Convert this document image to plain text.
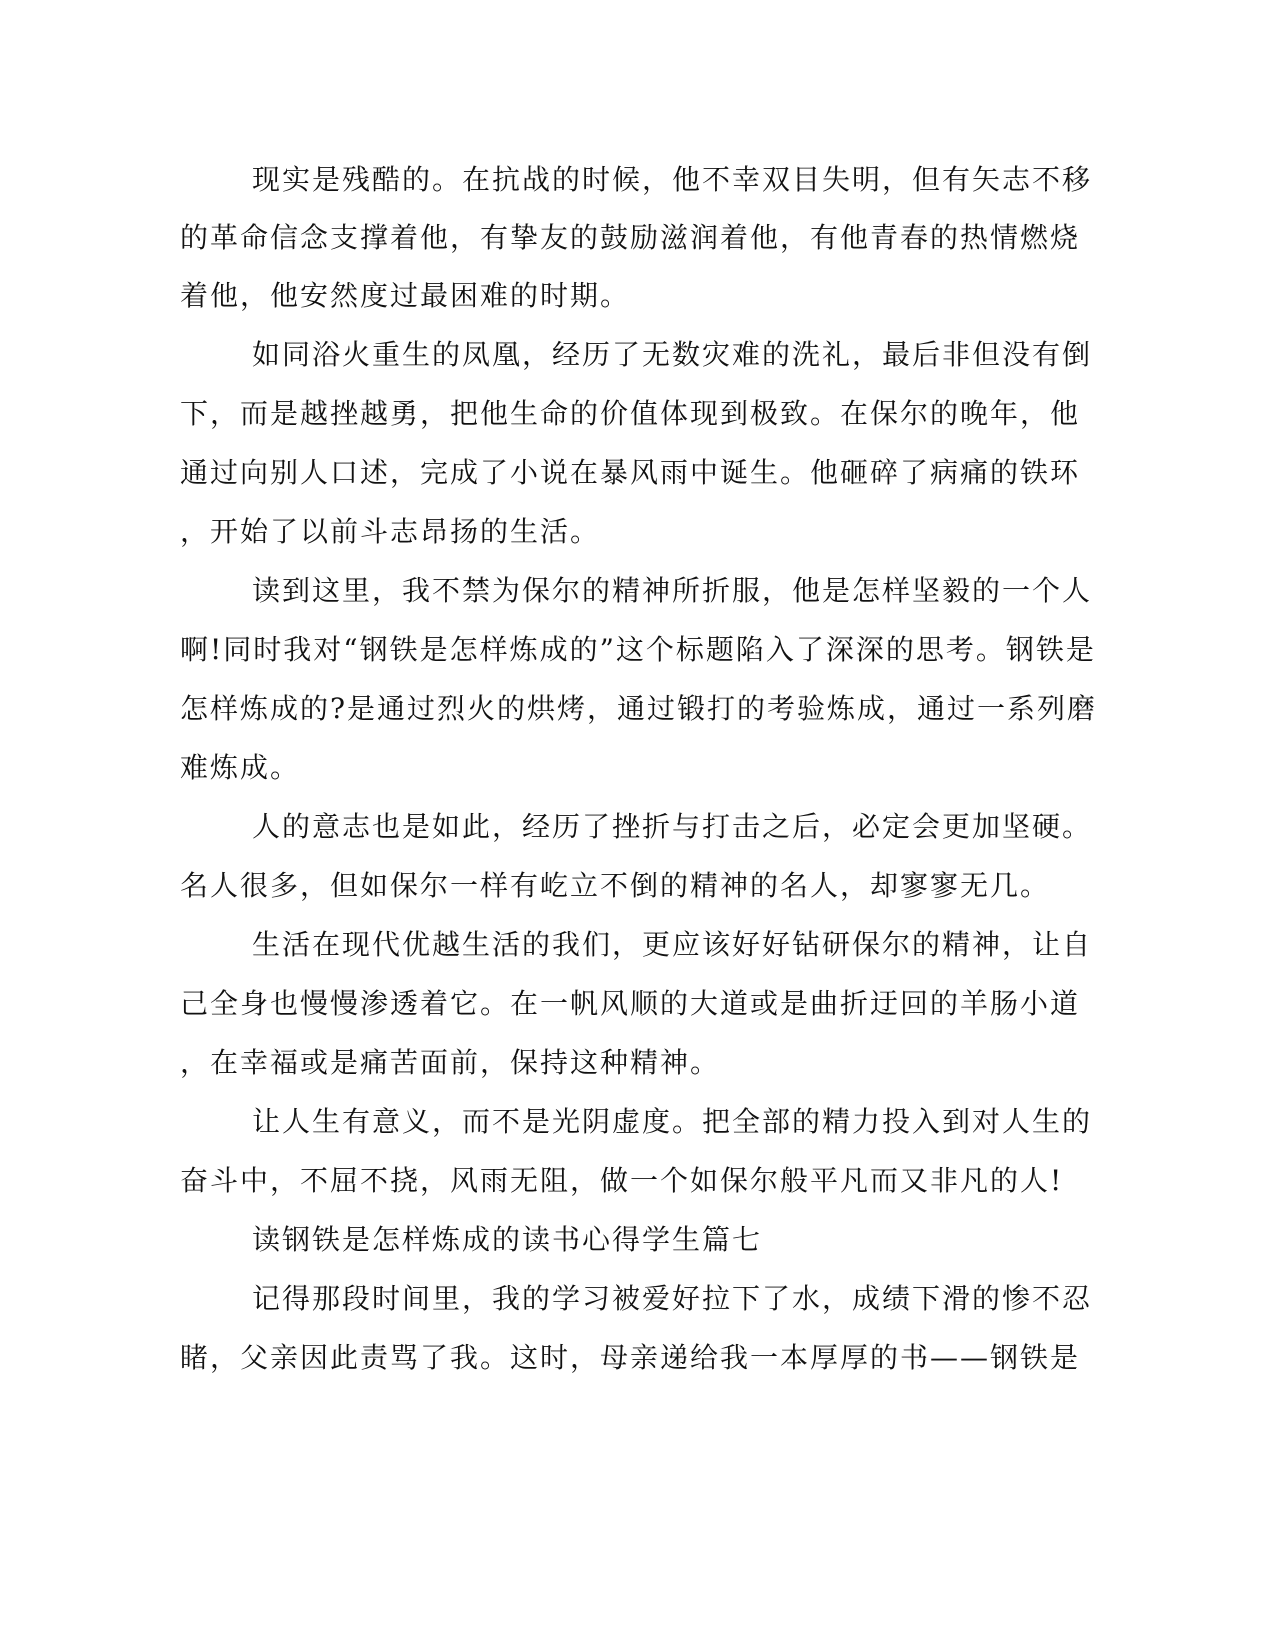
现实是残酷的。在抗战的时候，他不幸双目失明，但有矢志不移
的革命信念支撑着他，有挚友的鼓励滋润着他，有他青春的热情燃烧
着他，他安然度过最困难的时期。
如同浴火重生的凤凰，经历了无数灾难的洗礼，最后非但没有倒
下，而是越挫越勇，把他生命的价值体现到极致。在保尔的晚年，他
通过向别人口述，完成了小说在暴风雨中诞生。他砸碎了病痛的铁环
，开始了以前斗志昂扬的生活。
读到这里，我不禁为保尔的精神所折服，他是怎样坚毅的一个人
啊!同时我对“钢铁是怎样炼成的”这个标题陷入了深深的思考。钢铁是
怎样炼成的?是通过烈火的烘烤，通过锻打的考验炼成，通过一系列磨
难炼成。
人的意志也是如此，经历了挫折与打击之后，必定会更加坚硬。
名人很多，但如保尔一样有屹立不倒的精神的名人，却寥寥无几。
生活在现代优越生活的我们，更应该好好钻研保尔的精神，让自
己全身也慢慢渗透着它。在一帆风顺的大道或是曲折迂回的羊肠小道
，在幸福或是痛苦面前，保持这种精神。
让人生有意义，而不是光阴虚度。把全部的精力投入到对人生的
奋斗中，不屈不挠，风雨无阻，做一个如保尔般平凡而又非凡的人!
读钢铁是怎样炼成的读书心得学生篇七
记得那段时间里，我的学习被爱好拉下了水，成绩下滑的惨不忍
睹，父亲因此责骂了我。这时，母亲递给我一本厚厚的书——钢铁是
